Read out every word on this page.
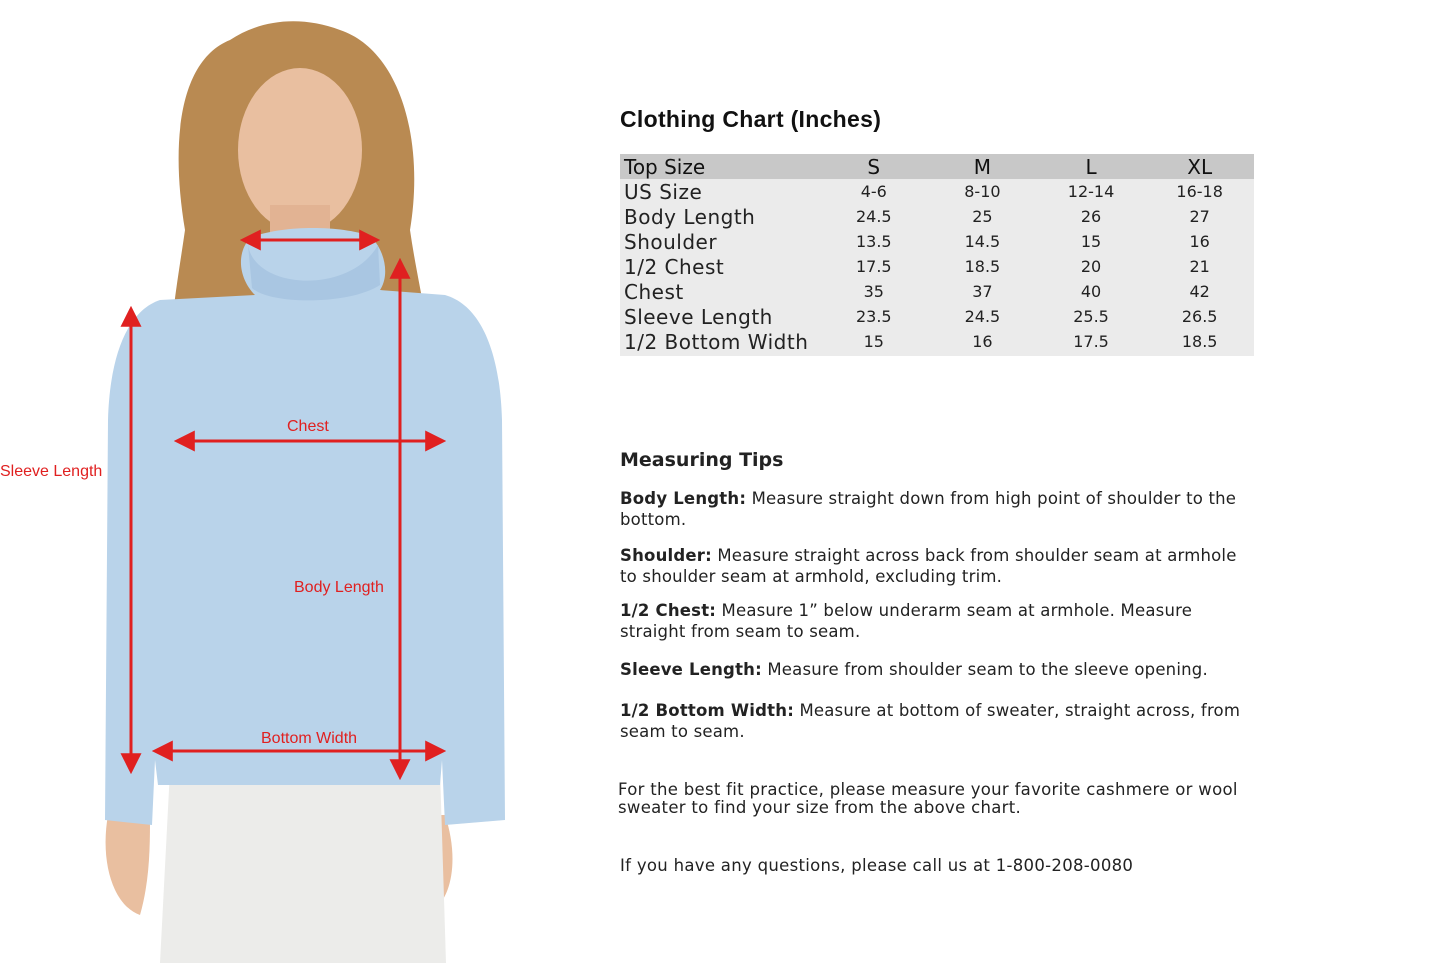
Sleeve Length
Chest
Body Length
Bottom Width
Clothing Chart (Inches)
Top Size	S	M	L	XL
US Size	4-6	8-10	12-14	16-18
Body Length	24.5	25	26	27
Shoulder	13.5	14.5	15	16
1/2 Chest	17.5	18.5	20	21
Chest	35	37	40	42
Sleeve Length	23.5	24.5	25.5	26.5
1/2 Bottom Width	15	16	17.5	18.5
Measuring Tips
Body Length: Measure straight down from high point of shoulder to the bottom.
Shoulder: Measure straight across back from shoulder seam at armhole to shoulder seam at armhold, excluding trim.
1/2 Chest: Measure 1” below underarm seam at armhole. Measure straight from seam to seam.
Sleeve Length: Measure from shoulder seam to the sleeve opening.
1/2 Bottom Width: Measure at bottom of sweater, straight across, from seam to seam.
For the best fit practice, please measure your favorite cashmere or wool sweater to find your size from the above chart.
If you have any questions, please call us at 1-800-208-0080
